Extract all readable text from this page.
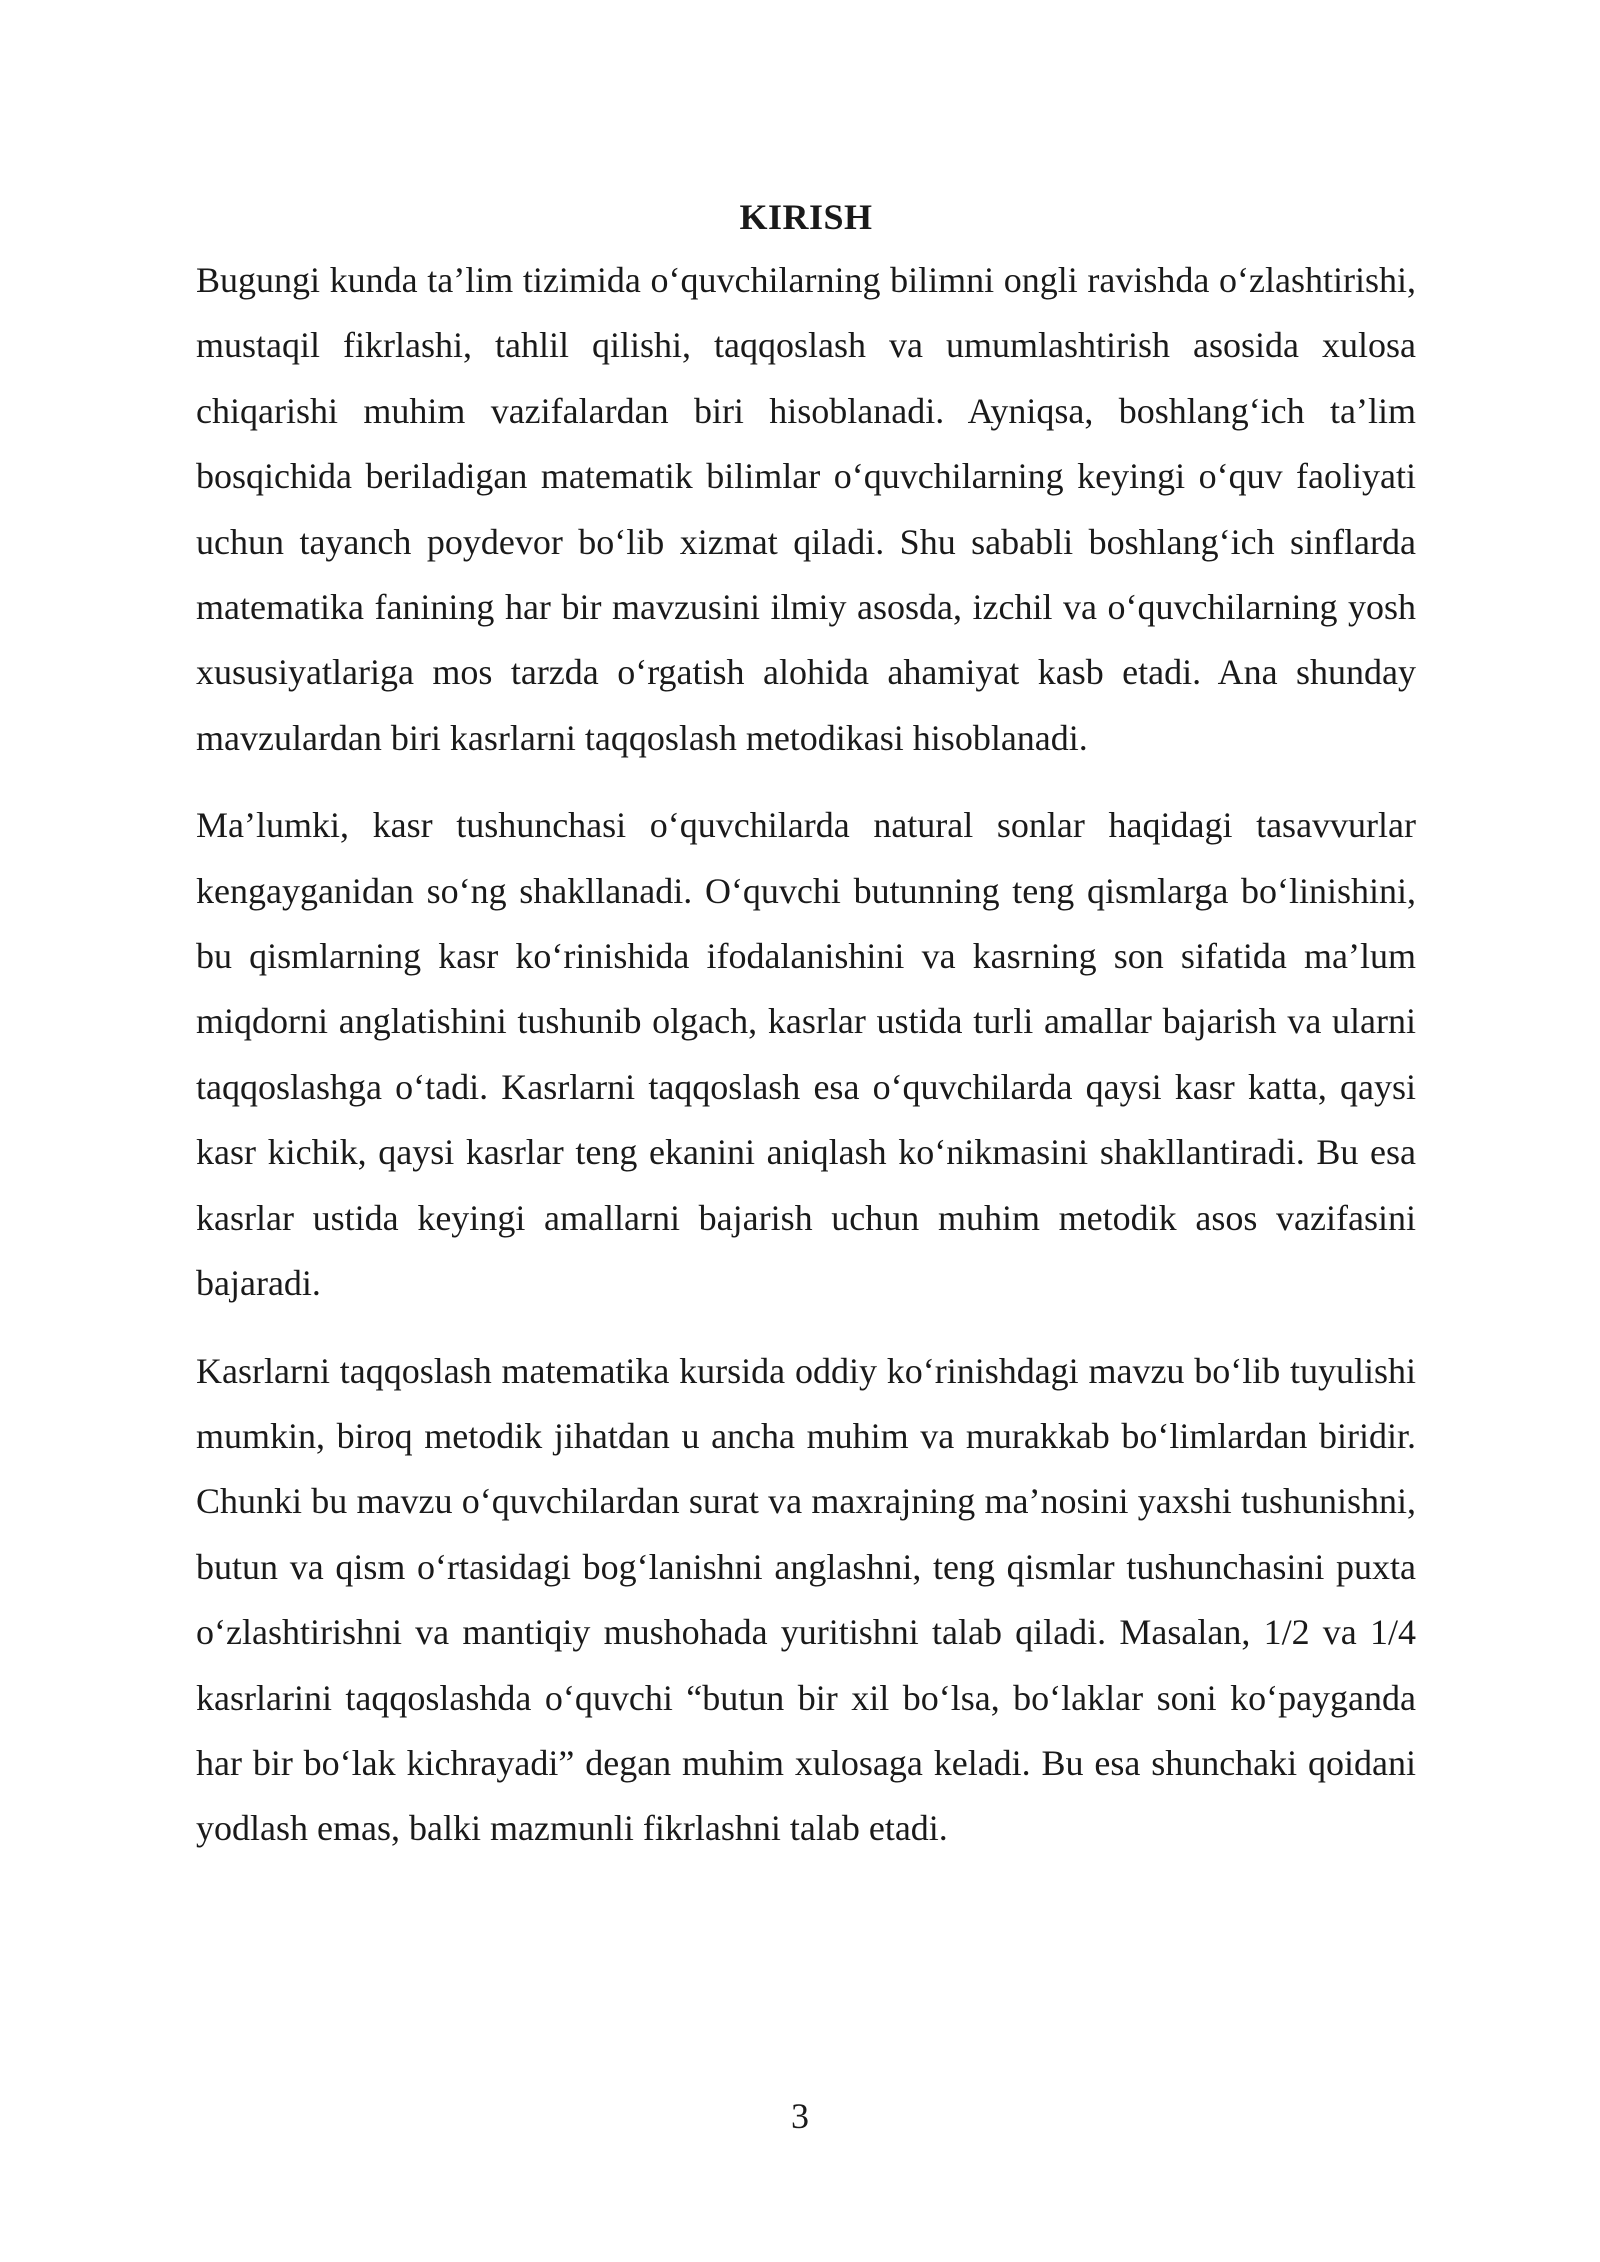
KIRISH

Bugungi kunda ta’lim tizimida o‘quvchilarning bilimni ongli ravishda o‘zlashtirishi, mustaqil fikrlashi, tahlil qilishi, taqqoslash va umumlashtirish asosida xulosa chiqarishi muhim vazifalardan biri hisoblanadi. Ayniqsa, boshlang‘ich ta’lim bosqichida beriladigan matematik bilimlar o‘quvchilarning keyingi o‘quv faoliyati uchun tayanch poydevor bo‘lib xizmat qiladi. Shu sababli boshlang‘ich sinflarda matematika fanining har bir mavzusini ilmiy asosda, izchil va o‘quvchilarning yosh xususiyatlariga mos tarzda o‘rgatish alohida ahamiyat kasb etadi. Ana shunday mavzulardan biri kasrlarni taqqoslash metodikasi hisoblanadi.

Ma’lumki, kasr tushunchasi o‘quvchilarda natural sonlar haqidagi tasavvurlar kengayganidan so‘ng shakllanadi. O‘quvchi butunning teng qismlarga bo‘linishini, bu qismlarning kasr ko‘rinishida ifodalanishini va kasrning son sifatida ma’lum miqdorni anglatishini tushunib olgach, kasrlar ustida turli amallar bajarish va ularni taqqoslashga o‘tadi. Kasrlarni taqqoslash esa o‘quvchilarda qaysi kasr katta, qaysi kasr kichik, qaysi kasrlar teng ekanini aniqlash ko‘nikmasini shakllantiradi. Bu esa kasrlar ustida keyingi amallarni bajarish uchun muhim metodik asos vazifasini bajaradi.

Kasrlarni taqqoslash matematika kursida oddiy ko‘rinishdagi mavzu bo‘lib tuyulishi mumkin, biroq metodik jihatdan u ancha muhim va murakkab bo‘limlardan biridir. Chunki bu mavzu o‘quvchilardan surat va maxrajning ma’nosini yaxshi tushunishni, butun va qism o‘rtasidagi bog‘lanishni anglashni, teng qismlar tushunchasini puxta o‘zlashtirishni va mantiqiy mushohada yuritishni talab qiladi. Masalan, 1/2 va 1/4 kasrlarini taqqoslashda o‘quvchi “butun bir xil bo‘lsa, bo‘laklar soni ko‘payganda har bir bo‘lak kichrayadi” degan muhim xulosaga keladi. Bu esa shunchaki qoidani yodlash emas, balki mazmunli fikrlashni talab etadi.

3
